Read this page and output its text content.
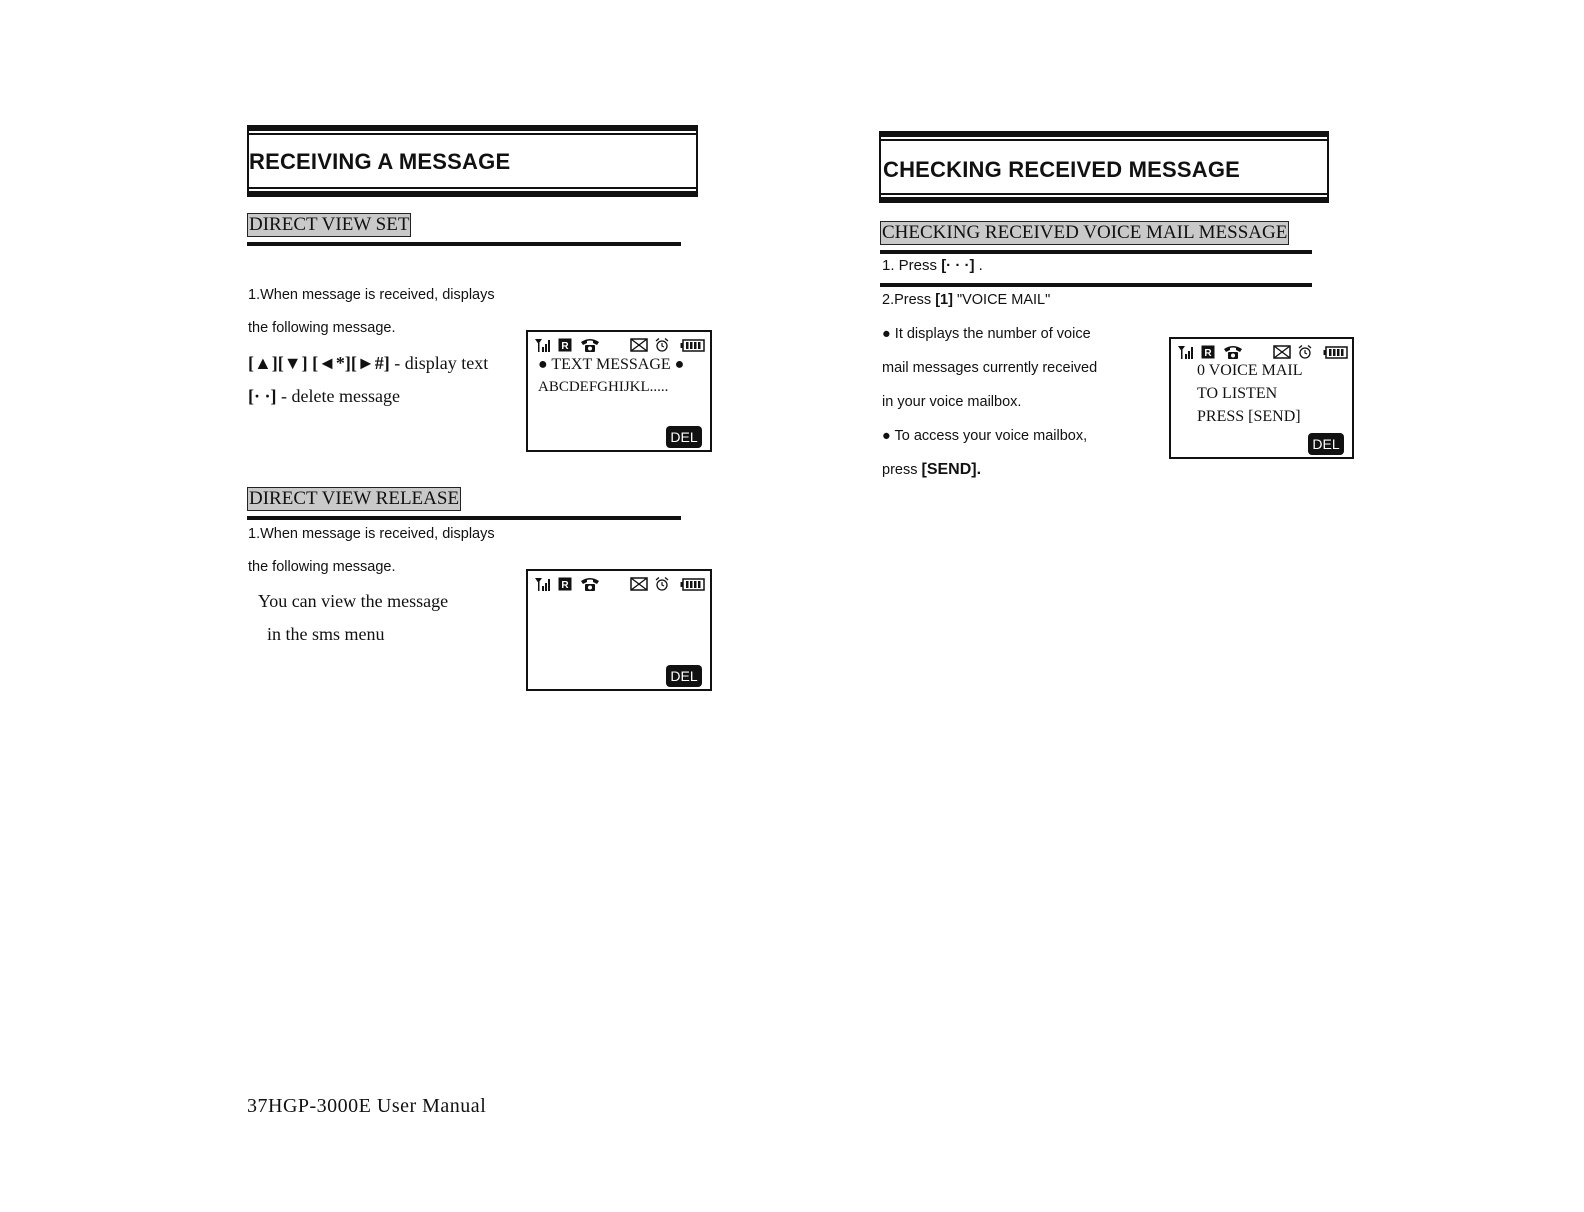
RECEIVING A MESSAGE
DIRECT VIEW SET
1.When message is received, displays
the following message.
[▲][▼] [◄*][►#] - display text
[· ·] - delete message
R
● TEXT MESSAGE ●
ABCDEFGHIJKL.....
DEL
DIRECT VIEW RELEASE
1.When message is received, displays
the following message.
You can view the message
in the sms menu
R
DEL
37HGP-3000E User Manual
CHECKING RECEIVED MESSAGE
CHECKING RECEIVED VOICE MAIL MESSAGE
1. Press [· · ·] .
2.Press [1] "VOICE MAIL"
● It displays the number of voice
mail messages currently received
in your voice mailbox.
● To access your voice mailbox,
press [SEND].
R
0 VOICE MAIL
TO LISTEN
PRESS [SEND]
DEL
